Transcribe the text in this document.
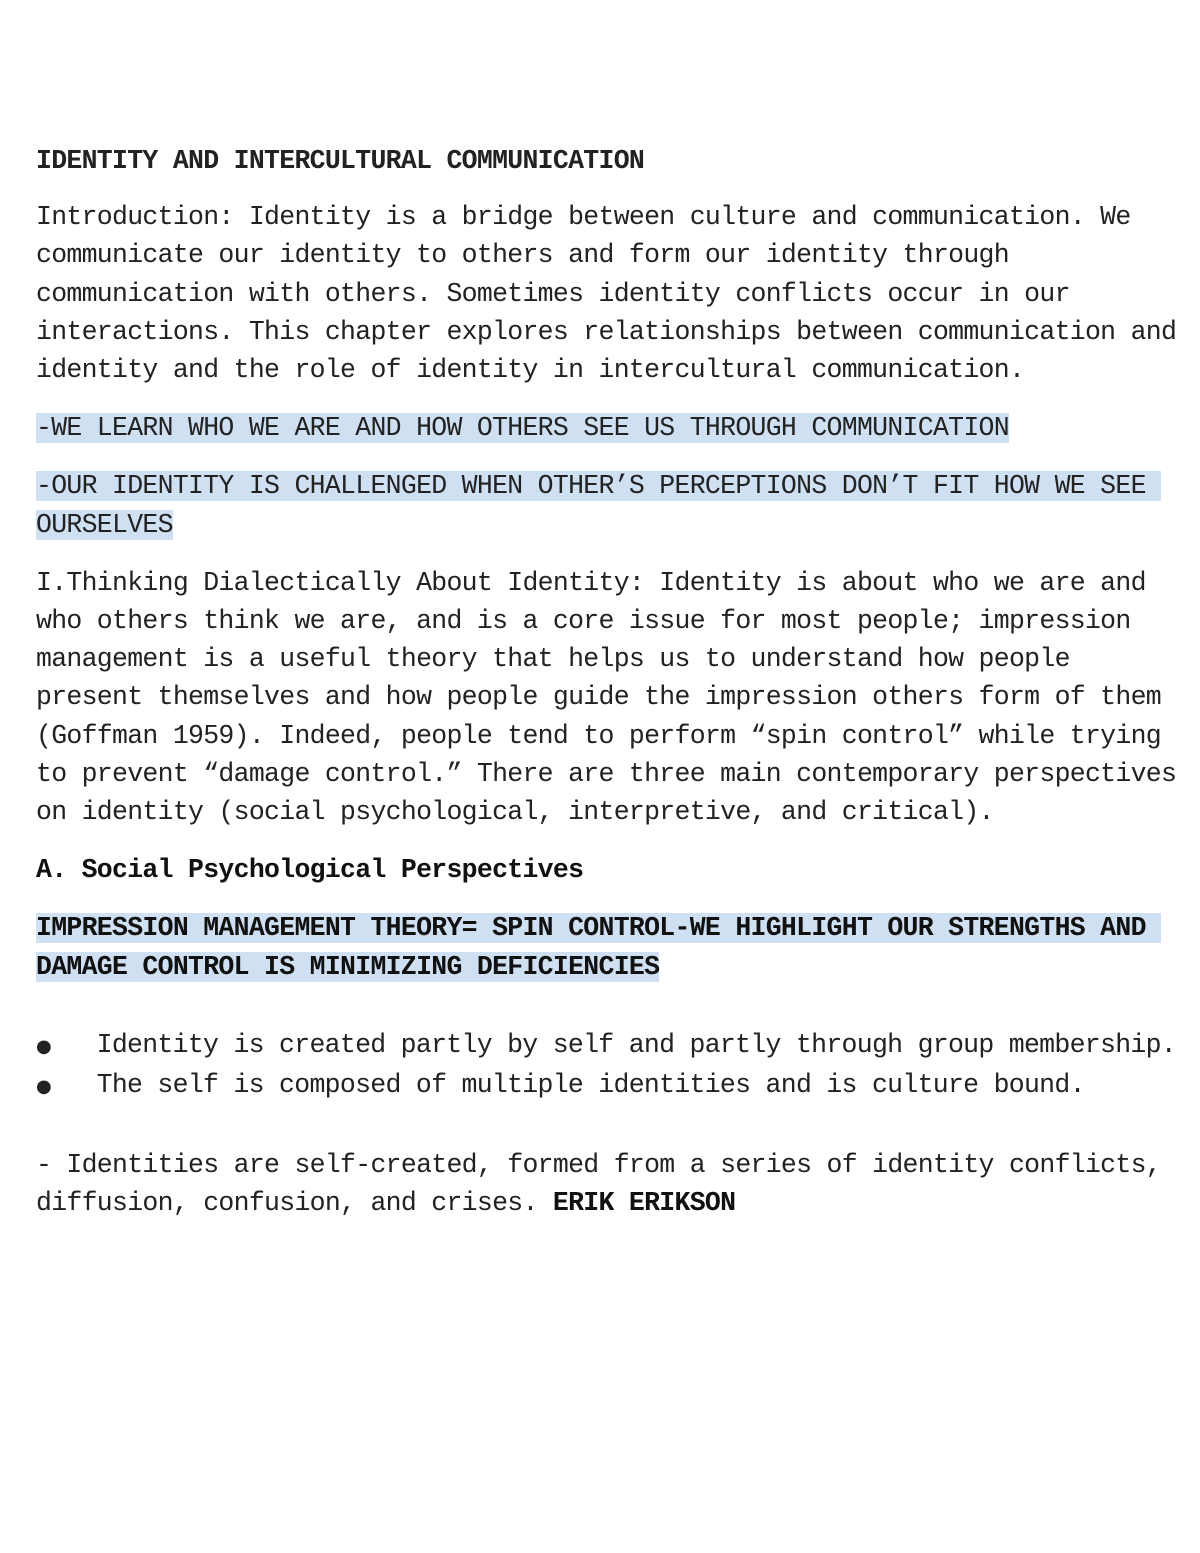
IDENTITY AND INTERCULTURAL COMMUNICATION

Introduction: Identity is a bridge between culture and communication. We communicate our identity to others and form our identity through communication with others. Sometimes identity conflicts occur in our interactions. This chapter explores relationships between communication and identity and the role of identity in intercultural communication.

-WE LEARN WHO WE ARE AND HOW OTHERS SEE US THROUGH COMMUNICATION

-OUR IDENTITY IS CHALLENGED WHEN OTHER’S PERCEPTIONS DON’T FIT HOW WE SEE OURSELVES

I.Thinking Dialectically About Identity: Identity is about who we are and  who others think we are, and is a core issue for most people; impression management is a useful theory that helps us to understand how people present themselves and how people guide the impression others form of them (Goffman 1959). Indeed, people tend to perform “spin control” while trying to prevent “damage control.” There are three main contemporary perspectives on identity (social psychological, interpretive, and critical).

A. Social Psychological Perspectives

IMPRESSION MANAGEMENT THEORY= SPIN CONTROL-WE HIGHLIGHT OUR STRENGTHS AND DAMAGE CONTROL IS MINIMIZING DEFICIENCIES

● Identity is created partly by self and partly through group membership.
● The self is composed of multiple identities and is culture bound.

- Identities are self-created, formed from a series of identity conflicts, diffusion, confusion, and crises. ERIK ERIKSON
